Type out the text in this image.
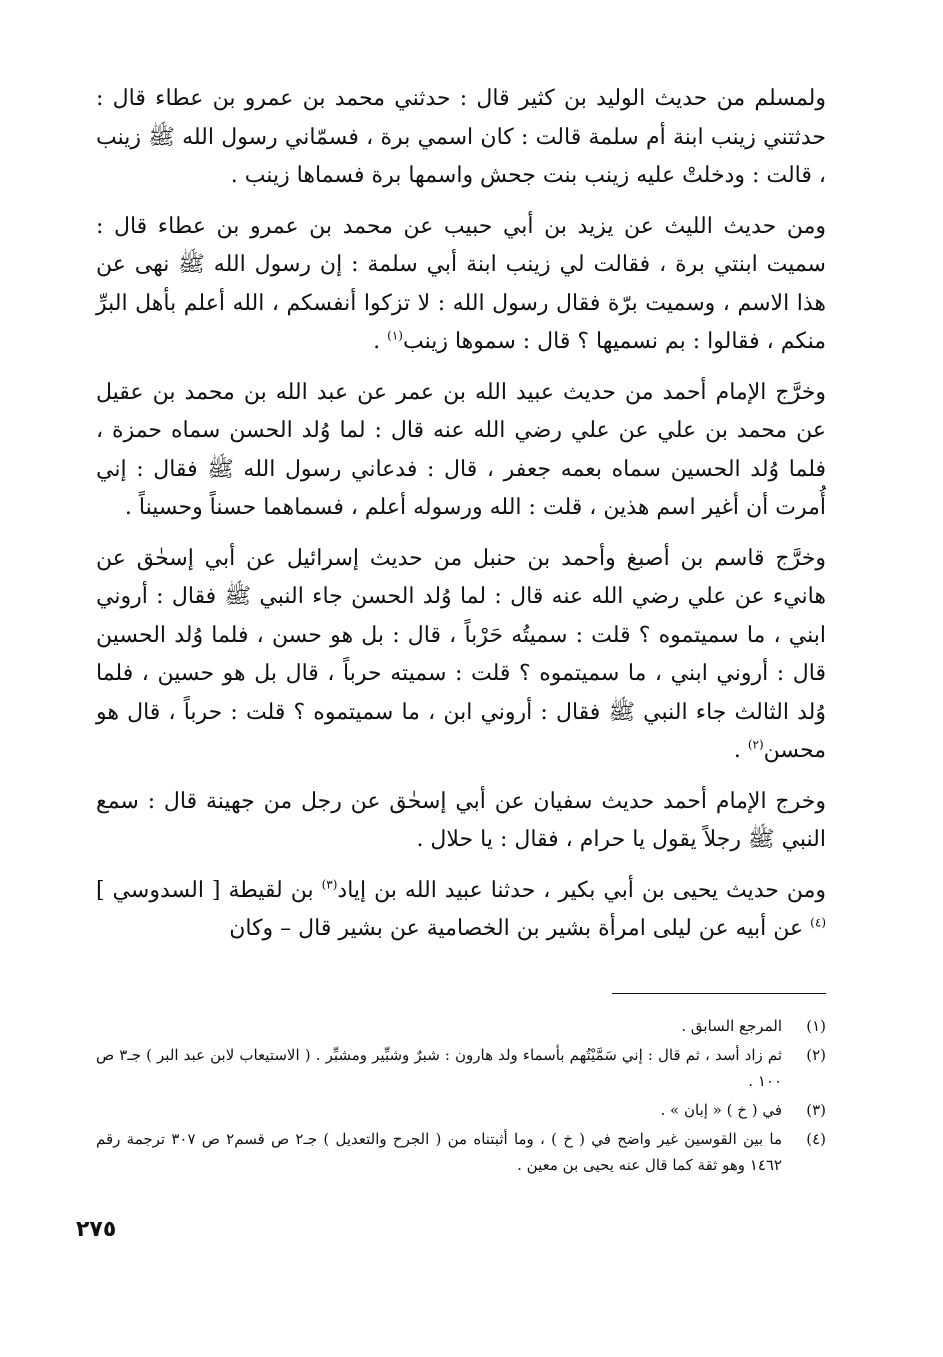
ولمسلم من حديث الوليد بن كثير قال : حدثني محمد بن عمرو بن عطاء قال : حدثتني زينب ابنة أم سلمة قالت : كان اسمي برة ، فسمّاني رسول الله ﷺ زينب ، قالت : ودخلتْ عليه زينب بنت جحش واسمها برة فسماها زينب .

ومن حديث الليث عن يزيد بن أبي حبيب عن محمد بن عمرو بن عطاء قال : سميت ابنتي برة ، فقالت لي زينب ابنة أبي سلمة : إن رسول الله ﷺ نهى عن هذا الاسم ، وسميت برّة فقال رسول الله : لا تزكوا أنفسكم ، الله أعلم بأهل البرِّ منكم ، فقالوا : بم نسميها ؟ قال : سموها زينب$^{(١)}$ .

وخرَّج الإمام أحمد من حديث عبيد الله بن عمر عن عبد الله بن محمد بن عقيل عن محمد بن علي عن علي رضي الله عنه قال : لما وُلد الحسن سماه حمزة ، فلما وُلد الحسين سماه بعمه جعفر ، قال : فدعاني رسول الله ﷺ فقال : إني أُمرت أن أغير اسم هذين ، قلت : الله ورسوله أعلم ، فسماهما حسناً وحسيناً .

وخرَّج قاسم بن أصبغ وأحمد بن حنبل من حديث إسرائيل عن أبي إسحٰق عن هانيء عن علي رضي الله عنه قال : لما وُلد الحسن جاء النبي ﷺ فقال : أروني ابني ، ما سميتموه ؟ قلت : سميتُه حَرْباً ، قال : بل هو حسن ، فلما وُلد الحسين قال : أروني ابني ، ما سميتموه ؟ قلت : سميته حرباً ، قال بل هو حسين ، فلما وُلد الثالث جاء النبي ﷺ فقال : أروني ابن ، ما سميتموه ؟ قلت : حرباً ، قال هو محسن$^{(٢)}$ .

وخرج الإمام أحمد حديث سفيان عن أبي إسحٰق عن رجل من جهينة قال : سمع النبي ﷺ رجلاً يقول يا حرام ، فقال : يا حلال .

ومن حديث يحيى بن أبي بكير ، حدثنا عبيد الله بن إياد$^{(٣)}$ بن لقيطة [ السدوسي ]$^{(٤)}$ عن أبيه عن ليلى امرأة بشير بن الخصامية عن بشير قال – وكان

(١)
المرجع السابق .
(٢)
ثم زاد أسد ، ثم قال : إني سَمَّيْتُهم بأسماء ولد هارون : شبرٌ وشبِّير ومشبِّر . ( الاستيعاب لابن عبد البر ) جـ٣ ص ١٠٠ .
(٣)
في ( خ ) « إبان » .
(٤)
ما بين القوسين غير واضح في ( خ ) ، وما أثبتناه من ( الجرح والتعديل ) جـ٢ ص قسم٢ ص ٣٠٧ ترجمة رقم ١٤٦٢ وهو ثقة كما قال عنه يحيى بن معين .
٢٧٥
